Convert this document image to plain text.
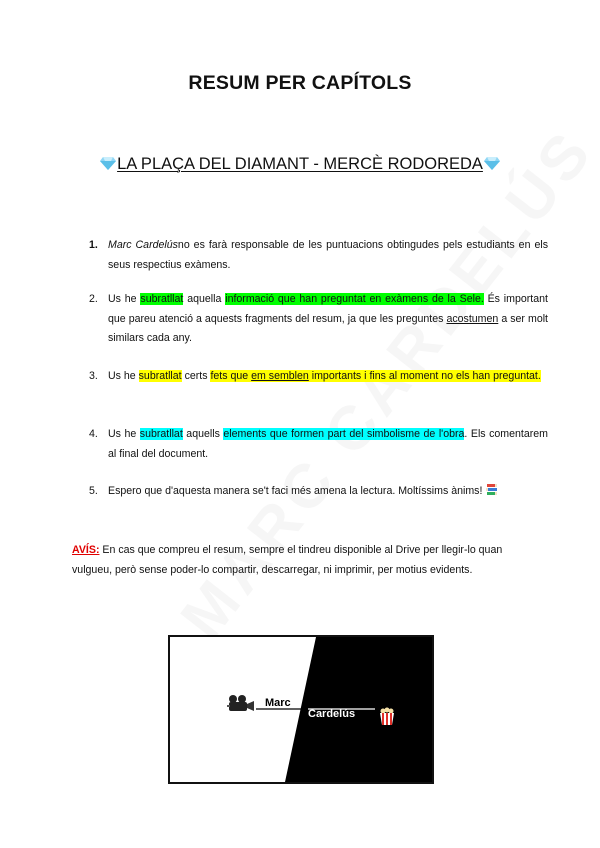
RESUM PER CAPÍTOLS
LA PLAÇA DEL DIAMANT - MERCÈ RODOREDA
1. Marc Cardelúsno es farà responsable de les puntuacions obtingudes pels estudiants en els seus respectius exàmens.
2. Us he subratllat aquella informació que han preguntat en exàmens de la Sele. És important que pareu atenció a aquests fragments del resum, ja que les preguntes acostumen a ser molt similars cada any.
3. Us he subratllat certs fets que em semblen importants i fins al moment no els han preguntat.
4. Us he subratllat aquells elements que formen part del simbolisme de l'obra. Els comentarem al final del document.
5. Espero que d'aquesta manera se't faci més amena la lectura. Moltíssims ànims!
AVÍS: En cas que compreu el resum, sempre el tindreu disponible al Drive per llegir-lo quan vulgueu, però sense poder-lo compartir, descarregar, ni imprimir, per motius evidents.
Marc
Cardelús
